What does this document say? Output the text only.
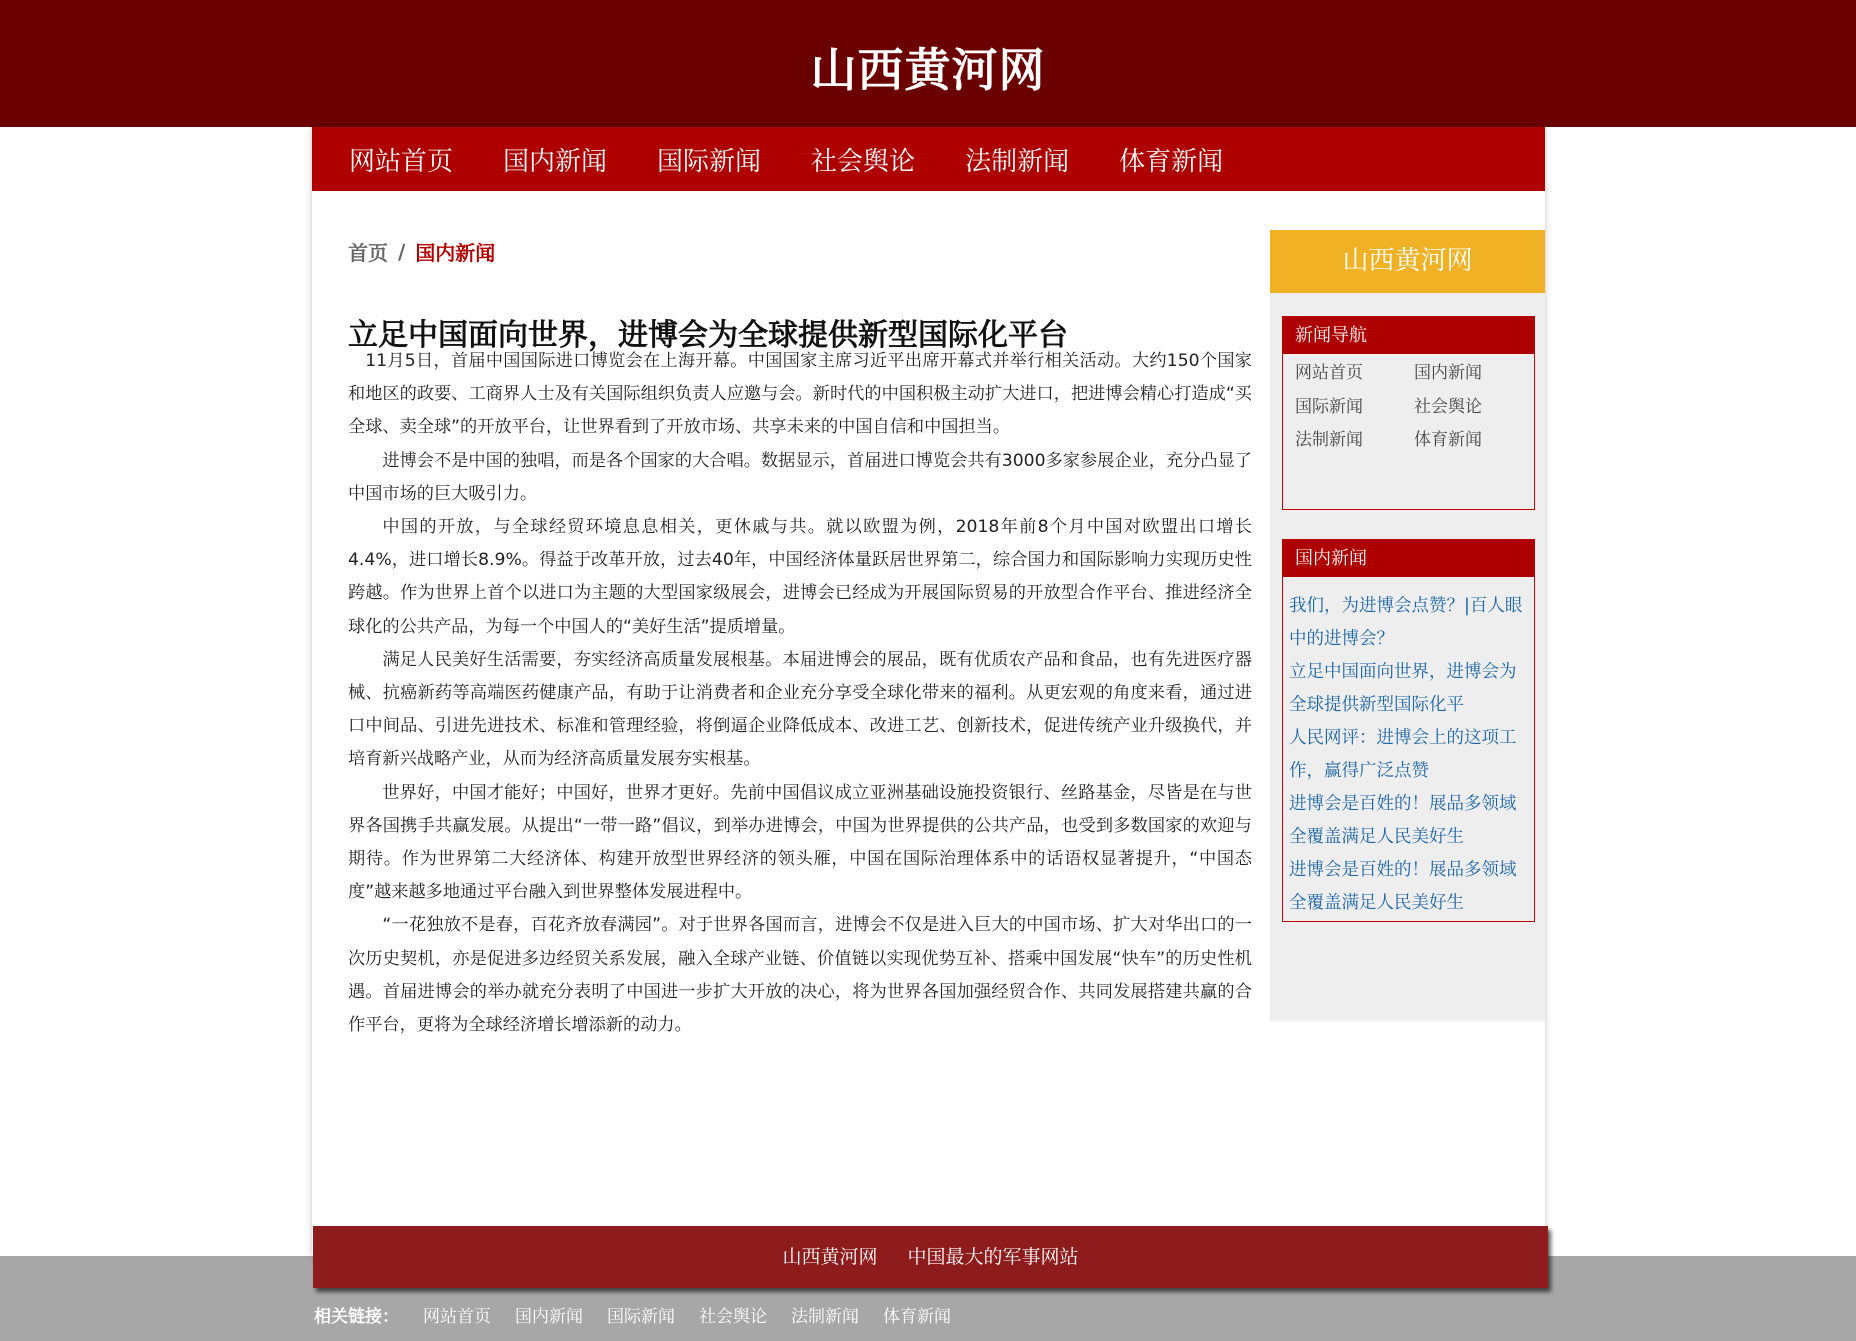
山西黄河网
网站首页 国内新闻 国际新闻 社会舆论 法制新闻 体育新闻
首页 / 国内新闻
立足中国面向世界，进博会为全球提供新型国际化平台

11月5日，首届中国国际进口博览会在上海开幕。中国国家主席习近平出席开幕式并举行相关活动。大约150个国家和地区的政要、工商界人士及有关国际组织负责人应邀与会。新时代的中国积极主动扩大进口，把进博会精心打造成“买全球、卖全球”的开放平台，让世界看到了开放市场、共享未来的中国自信和中国担当。

进博会不是中国的独唱，而是各个国家的大合唱。数据显示，首届进口博览会共有3000多家参展企业，充分凸显了中国市场的巨大吸引力。

中国的开放，与全球经贸环境息息相关，更休戚与共。就以欧盟为例，2018年前8个月中国对欧盟出口增长4.4%，进口增长8.9%。得益于改革开放，过去40年，中国经济体量跃居世界第二，综合国力和国际影响力实现历史性跨越。作为世界上首个以进口为主题的大型国家级展会，进博会已经成为开展国际贸易的开放型合作平台、推进经济全球化的公共产品，为每一个中国人的“美好生活”提质增量。

满足人民美好生活需要，夯实经济高质量发展根基。本届进博会的展品，既有优质农产品和食品，也有先进医疗器械、抗癌新药等高端医药健康产品，有助于让消费者和企业充分享受全球化带来的福利。从更宏观的角度来看，通过进口中间品、引进先进技术、标准和管理经验，将倒逼企业降低成本、改进工艺、创新技术，促进传统产业升级换代，并培育新兴战略产业，从而为经济高质量发展夯实根基。

世界好，中国才能好；中国好，世界才更好。先前中国倡议成立亚洲基础设施投资银行、丝路基金，尽皆是在与世界各国携手共赢发展。从提出“一带一路”倡议，到举办进博会，中国为世界提供的公共产品，也受到多数国家的欢迎与期待。作为世界第二大经济体、构建开放型世界经济的领头雁，中国在国际治理体系中的话语权显著提升，“中国态度”越来越多地通过平台融入到世界整体发展进程中。

“一花独放不是春，百花齐放春满园”。对于世界各国而言，进博会不仅是进入巨大的中国市场、扩大对华出口的一次历史契机，亦是促进多边经贸关系发展，融入全球产业链、价值链以实现优势互补、搭乘中国发展“快车”的历史性机遇。首届进博会的举办就充分表明了中国进一步扩大开放的决心，将为世界各国加强经贸合作、共同发展搭建共赢的合作平台，更将为全球经济增长增添新的动力。

山西黄河网
新闻导航
网站首页	国内新闻
国际新闻	社会舆论
法制新闻	体育新闻
国内新闻
我们，为进博会点赞？|百人眼中的进博会？
立足中国面向世界，进博会为全球提供新型国际化平
人民网评：进博会上的这项工作，赢得广泛点赞
进博会是百姓的！展品多领域全覆盖满足人民美好生
进博会是百姓的！展品多领域全覆盖满足人民美好生
山西黄河网 中国最大的军事网站
相关链接： 网站首页 国内新闻 国际新闻 社会舆论 法制新闻 体育新闻
